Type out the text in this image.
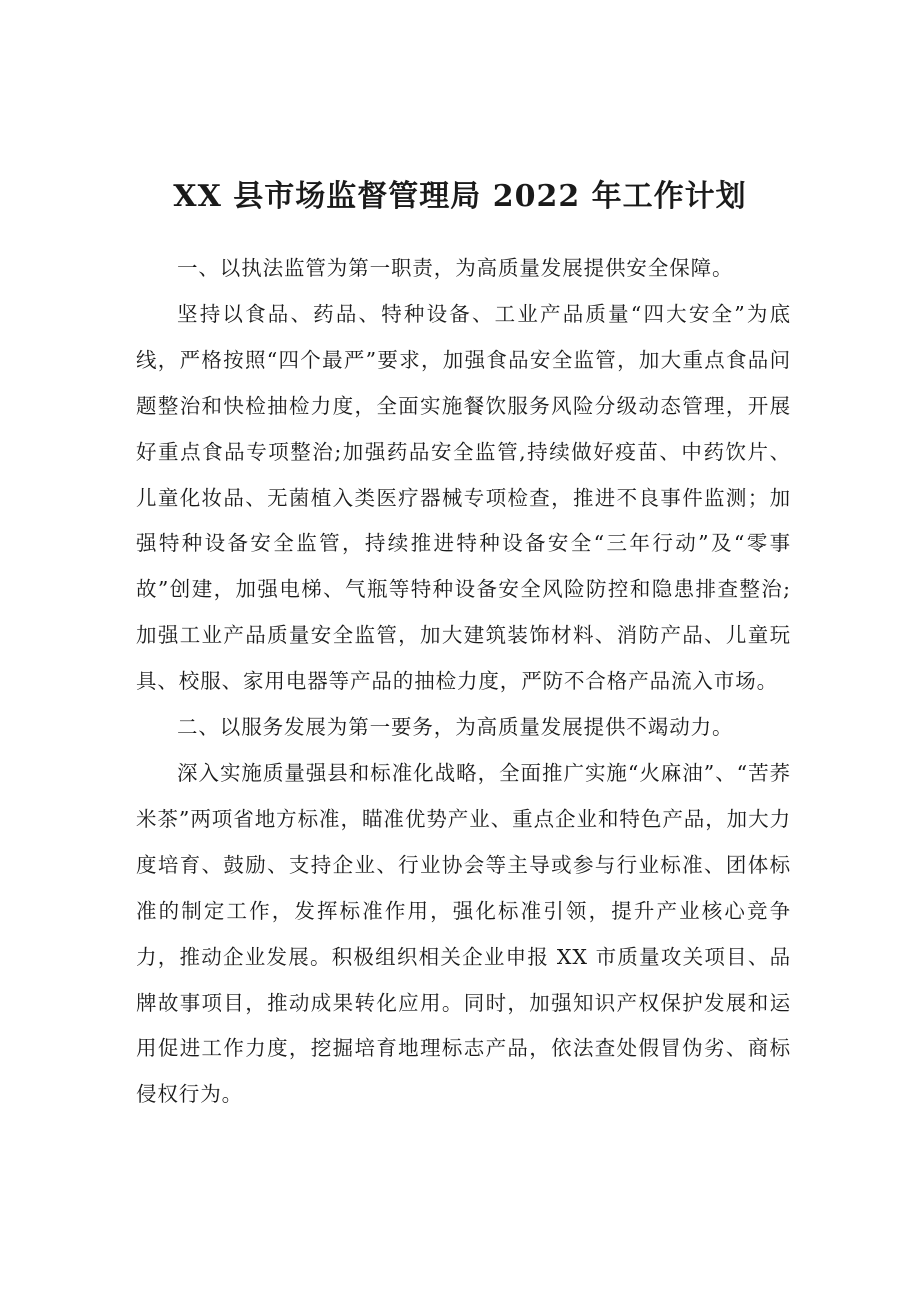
XX 县市场监督管理局 2022 年工作计划

一、以执法监管为第一职责，为高质量发展提供安全保障。

坚持以食品、药品、特种设备、工业产品质量“四大安全”为底线，严格按照“四个最严”要求，加强食品安全监管，加大重点食品问题整治和快检抽检力度，全面实施餐饮服务风险分级动态管理，开展好重点食品专项整治;加强药品安全监管,持续做好疫苗、中药饮片、儿童化妆品、无菌植入类医疗器械专项检查，推进不良事件监测；加强特种设备安全监管，持续推进特种设备安全“三年行动”及“零事故”创建，加强电梯、气瓶等特种设备安全风险防控和隐患排查整治;加强工业产品质量安全监管，加大建筑装饰材料、消防产品、儿童玩具、校服、家用电器等产品的抽检力度，严防不合格产品流入市场。

二、以服务发展为第一要务，为高质量发展提供不竭动力。

深入实施质量强县和标准化战略，全面推广实施“火麻油”、“苦荞米茶”两项省地方标准，瞄准优势产业、重点企业和特色产品，加大力度培育、鼓励、支持企业、行业协会等主导或参与行业标准、团体标准的制定工作，发挥标准作用，强化标准引领，提升产业核心竞争力，推动企业发展。积极组织相关企业申报 XX 市质量攻关项目、品牌故事项目，推动成果转化应用。同时，加强知识产权保护发展和运用促进工作力度，挖掘培育地理标志产品，依法查处假冒伪劣、商标侵权行为。
